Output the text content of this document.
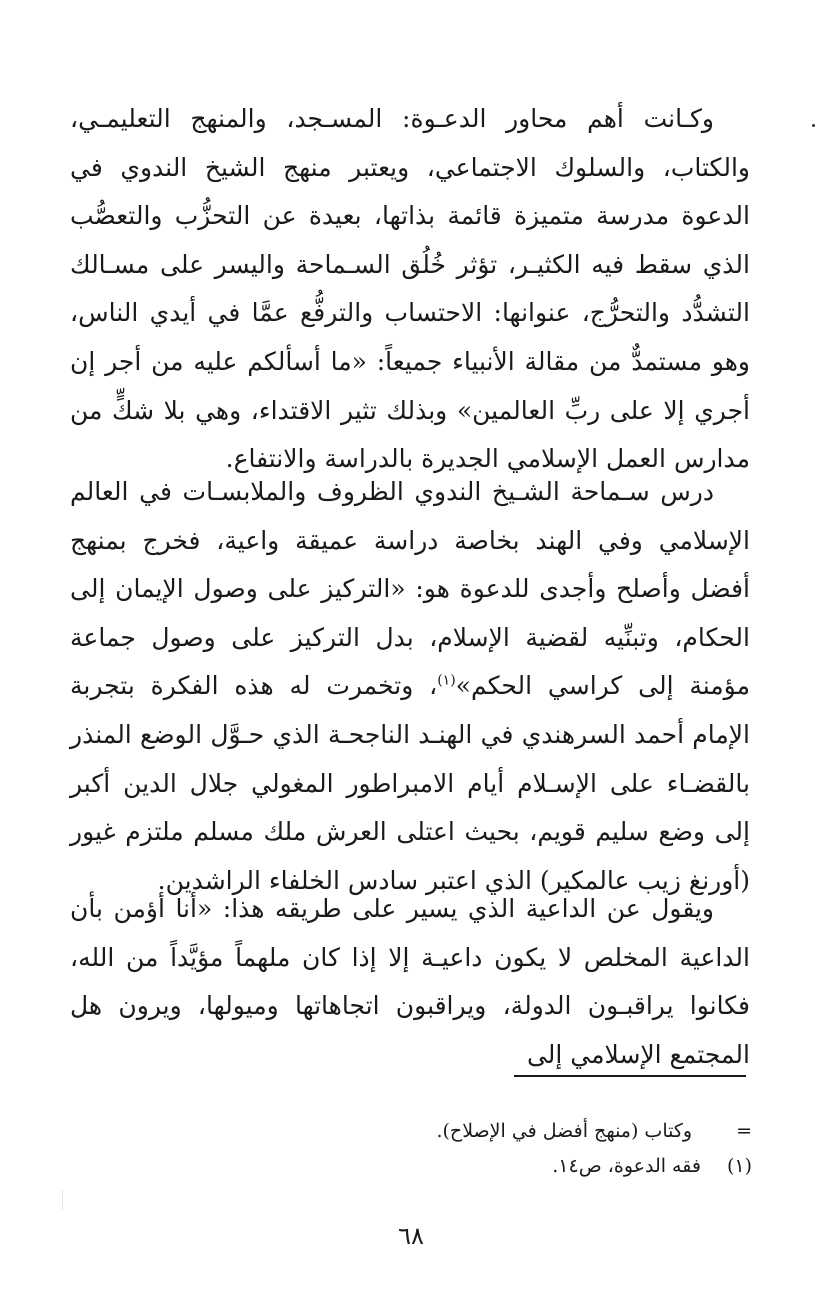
وكـانت أهم محاور الدعـوة: المسـجد، والمنهج التعليمـي، والكتاب، والسلوك الاجتماعي، ويعتبر منهج الشيخ الندوي في الدعوة مدرسة متميزة قائمة بذاتها، بعيدة عن التحزُّب والتعصُّب الذي سقط فيه الكثيـر، تؤثر خُلُق السـماحة واليسر على مسـالك التشدُّد والتحرُّج، عنوانها: الاحتساب والترفُّع عمَّا في أيدي الناس، وهو مستمدٌّ من مقالة الأنبياء جميعاً: «ما أسألكم عليه من أجر إن أجري إلا على ربِّ العالمين» وبذلك تثير الاقتداء، وهي بلا شكٍّ من مدارس العمل الإسلامي الجديرة بالدراسة والانتفاع.

درس سـماحة الشـيخ الندوي الظروف والملابسـات في العالم الإسلامي وفي الهند بخاصة دراسة عميقة واعية، فخرج بمنهج أفضل وأصلح وأجدى للدعوة هو: «التركيز على وصول الإيمان إلى الحكام، وتبنِّيه لقضية الإسلام، بدل التركيز على وصول جماعة مؤمنة إلى كراسي الحكم»$^{(١)}$، وتخمرت له هذه الفكرة بتجربة الإمام أحمد السرهندي في الهنـد الناجحـة الذي حـوَّل الوضع المنذر بالقضـاء على الإسـلام أيام الامبراطور المغولي جلال الدين أكبر إلى وضع سليم قويم، بحيث اعتلى العرش ملك مسلم ملتزم غيور (أورنغ زيب عالمكير) الذي اعتبر سادس الخلفاء الراشدين.

ويقول عن الداعية الذي يسير على طريقه هذا: «أنا أؤمن بأن الداعية المخلص لا يكون داعيـة إلا إذا كان ملهماً مؤيَّداً من الله، فكانوا يراقبـون الدولة، ويراقبون اتجاهاتها وميولها، ويرون هل المجتمع الإسلامي إلى

=وكتاب (منهج أفضل في الإصلاح).
(١)فقه الدعوة، ص١٤.
٦٨
